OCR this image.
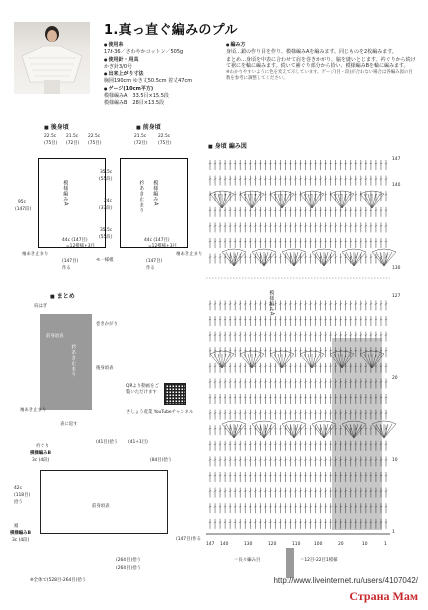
1.真っ直ぐ編みのプル

● 使用糸

17ℓ-36／さわやかコットン／505g

● 使用針・用具

かぎ針3/0号

● 出来上がり寸法

胸囲190cm ゆき丈50.5cm 着丈47cm

● ゲージ(10cm平方)

模様編みA　33.5目×15.5段

模様編みB　28目×13.5段

● 編み方

身頃…鎖の作り目を作り、模様編みAを編みます。同じものを2枚編みます。

まとめ…身頃を中表に合わせて肩を巻きかがり、脇を縫いとじます。衿ぐりから続けて裾にを輪に編みます。続いて補ぐり部分から拾い、模様編みBを輪に編みます。

※わかりやすいように色を変えて示しています。ゲージ(目・段)が合わない場合は各編み図の目数を参考に調整してください。

■ 後身頃
22.5c
(75目)
21.5c
(72目)
22.5c
(75目)
95c
(147段)
模様編みA
44c (147目)
=12模様+3目
(147目)
作る
袖あき止まり
■ 前身頃
21.5c
(72目)
22.5c
(75目)
35.5c
(55段)
24c
(37段)
35.5c
(55段)
衿あき止まり 模様編みA
44c (147目)
=12模様+3目
(147目)
作る
袖あき止まり
モ一様模
■ まとめ
肩はぎ
前身頃表
衿あき止まり
巻きかがり
後身頃表
袖あき止まり
表に返す
QRより動画をご覧いただけます
さしょう産業 YouTubeチャンネル
衿ぐり
模様編みB
3c (4段)
(41目)拾う (41+1目)
(84目)拾う
前身頃表
42c
(118目)
拾う
裾
模様編みB
3c (4段)
(264目)拾う
(264目)拾う
※全体で(528目-264目)拾う
(147目)作る
■ 身頃 編み図
模様編みA
147
140
130
127
20
10
1
147 140	130	120	110	100	20	10	1
＝長々編み目	＝12目-22目1模様
http://www.liveinternet.ru/users/4107042/
Страна Мам
